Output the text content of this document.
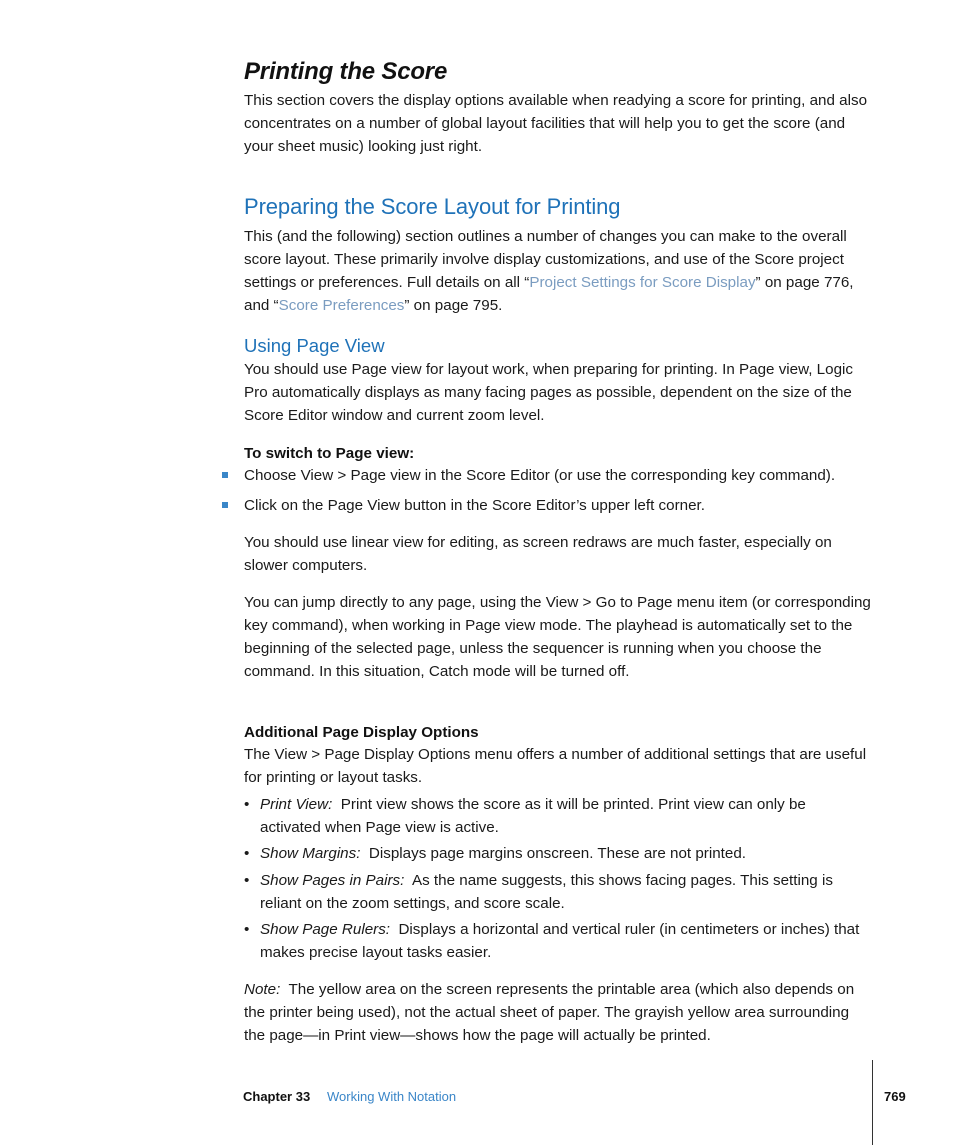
Printing the Score

This section covers the display options available when readying a score for printing, and also concentrates on a number of global layout facilities that will help you to get the score (and your sheet music) looking just right.

Preparing the Score Layout for Printing

This (and the following) section outlines a number of changes you can make to the overall score layout. These primarily involve display customizations, and use of the Score project settings or preferences. Full details on all “Project Settings for Score Display” on page 776, and “Score Preferences” on page 795.

Using Page View

You should use Page view for layout work, when preparing for printing. In Page view, Logic Pro automatically displays as many facing pages as possible, dependent on the size of the Score Editor window and current zoom level.

To switch to Page view:

Choose View > Page view in the Score Editor (or use the corresponding key command).
Click on the Page View button in the Score Editor’s upper left corner.

You should use linear view for editing, as screen redraws are much faster, especially on slower computers.

You can jump directly to any page, using the View > Go to Page menu item (or corresponding key command), when working in Page view mode. The playhead is automatically set to the beginning of the selected page, unless the sequencer is running when you choose the command. In this situation, Catch mode will be turned off.

Additional Page Display Options

The View > Page Display Options menu offers a number of additional settings that are useful for printing or layout tasks.

• Print View: Print view shows the score as it will be printed. Print view can only be activated when Page view is active.
• Show Margins: Displays page margins onscreen. These are not printed.
• Show Pages in Pairs: As the name suggests, this shows facing pages. This setting is reliant on the zoom settings, and score scale.
• Show Page Rulers: Displays a horizontal and vertical ruler (in centimeters or inches) that makes precise layout tasks easier.

Note: The yellow area on the screen represents the printable area (which also depends on the printer being used), not the actual sheet of paper. The grayish yellow area surrounding the page—in Print view—shows how the page will actually be printed.

Chapter 33 Working With Notation	769
